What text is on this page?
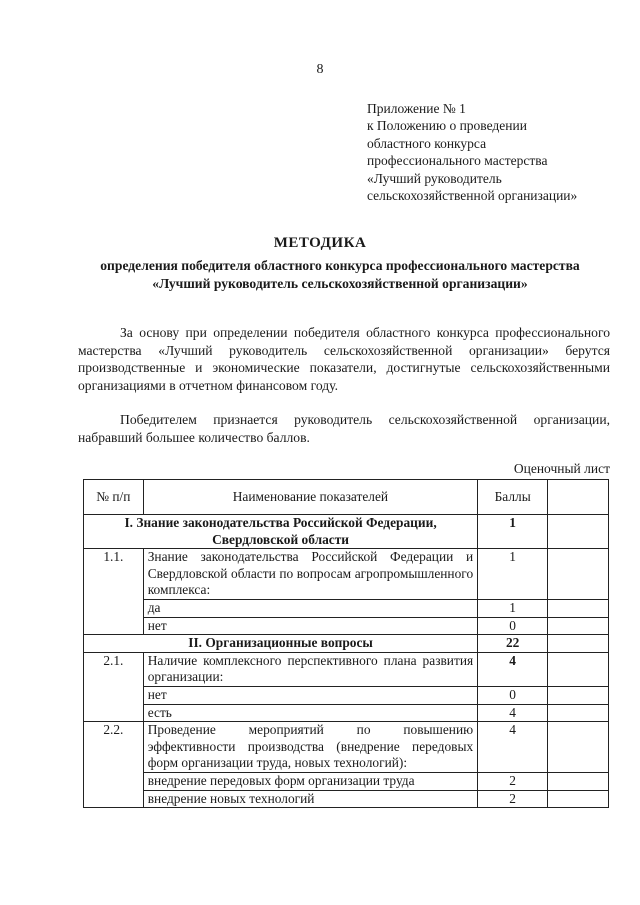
8
Приложение № 1
к Положению о проведении
областного конкурса
профессионального мастерства
«Лучший руководитель
сельскохозяйственной организации»
МЕТОДИКА
определения победителя областного конкурса профессионального мастерства «Лучший руководитель сельскохозяйственной организации»

За основу при определении победителя областного конкурса профессионального мастерства «Лучший руководитель сельскохозяйственной организации» берутся производственные и экономические показатели, достигнутые сельскохозяйственными организациями в отчетном финансовом году.

Победителем признается руководитель сельскохозяйственной организации, набравший большее количество баллов.

Оценочный лист
№ п/п	Наименование показателей	Баллы	
I. Знание законодательства Российской Федерации, Свердловской области		1	
1.1.	Знание законодательства Российской Федерации и Свердловской области по вопросам агропромышленного комплекса:	1	
	да	1	
	нет	0	
II. Организационные вопросы		22	
2.1.	Наличие комплексного перспективного плана развития организации:	4	
	нет	0	
	есть	4	
2.2.	Проведение мероприятий по повышению эффективности производства (внедрение передовых форм организации труда, новых технологий):	4	
	внедрение передовых форм организации труда	2	
	внедрение новых технологий	2	
